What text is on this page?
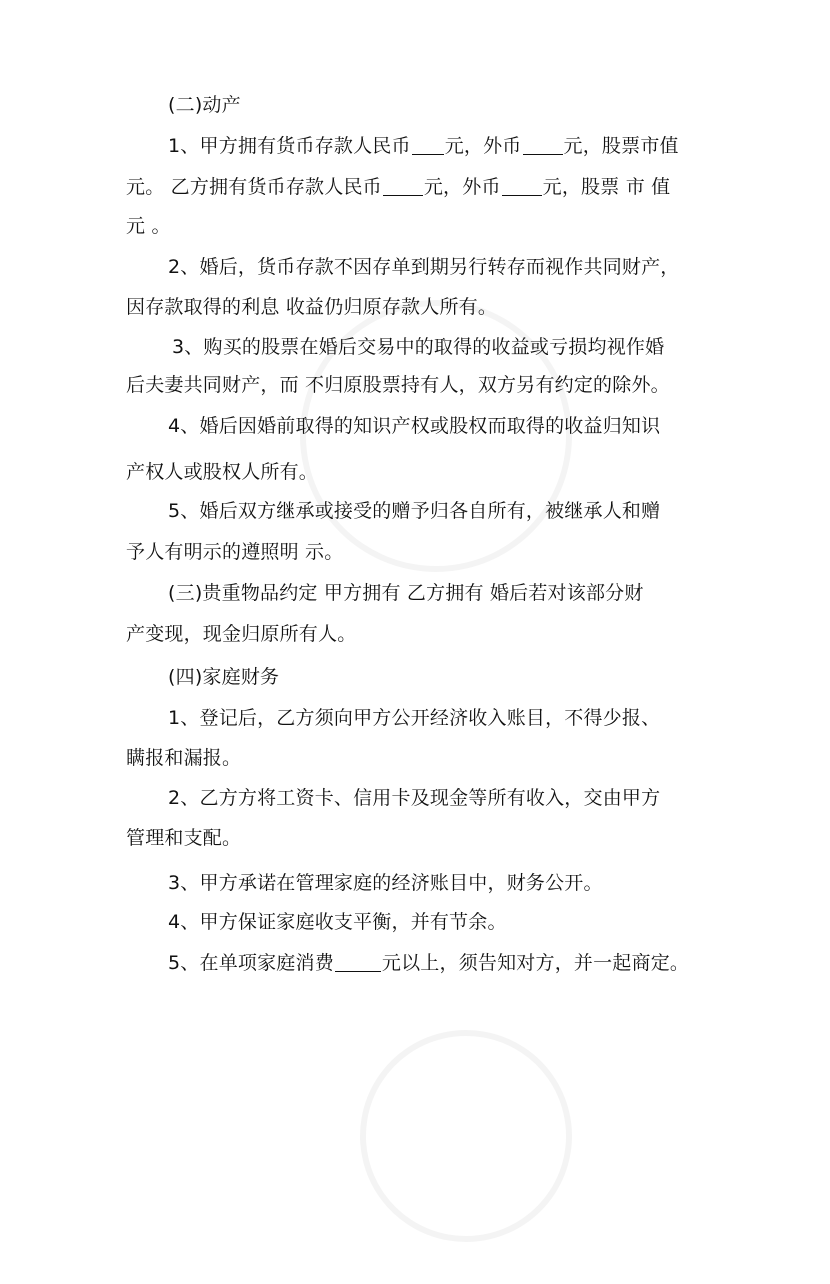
(二)动产
1、甲方拥有货币存款人民币 元，外币 元，股票市值
元。 乙方拥有货币存款人民币 元，外币 元，股票 市 值
元 。
2、婚后，货币存款不因存单到期另行转存而视作共同财产，
因存款取得的利息 收益仍归原存款人所有。
3、购买的股票在婚后交易中的取得的收益或亏损均视作婚
后夫妻共同财产，而 不归原股票持有人，双方另有约定的除外。
4、婚后因婚前取得的知识产权或股权而取得的收益归知识
产权人或股权人所有。
5、婚后双方继承或接受的赠予归各自所有，被继承人和赠
予人有明示的遵照明 示。
(三)贵重物品约定 甲方拥有 乙方拥有 婚后若对该部分财
产变现，现金归原所有人。
(四)家庭财务
1、登记后，乙方须向甲方公开经济收入账目，不得少报、
瞒报和漏报。
2、乙方方将工资卡、信用卡及现金等所有收入，交由甲方
管理和支配。
3、甲方承诺在管理家庭的经济账目中，财务公开。
4、甲方保证家庭收支平衡，并有节余。
5、在单项家庭消费	元以上，须告知对方，并一起商定。
